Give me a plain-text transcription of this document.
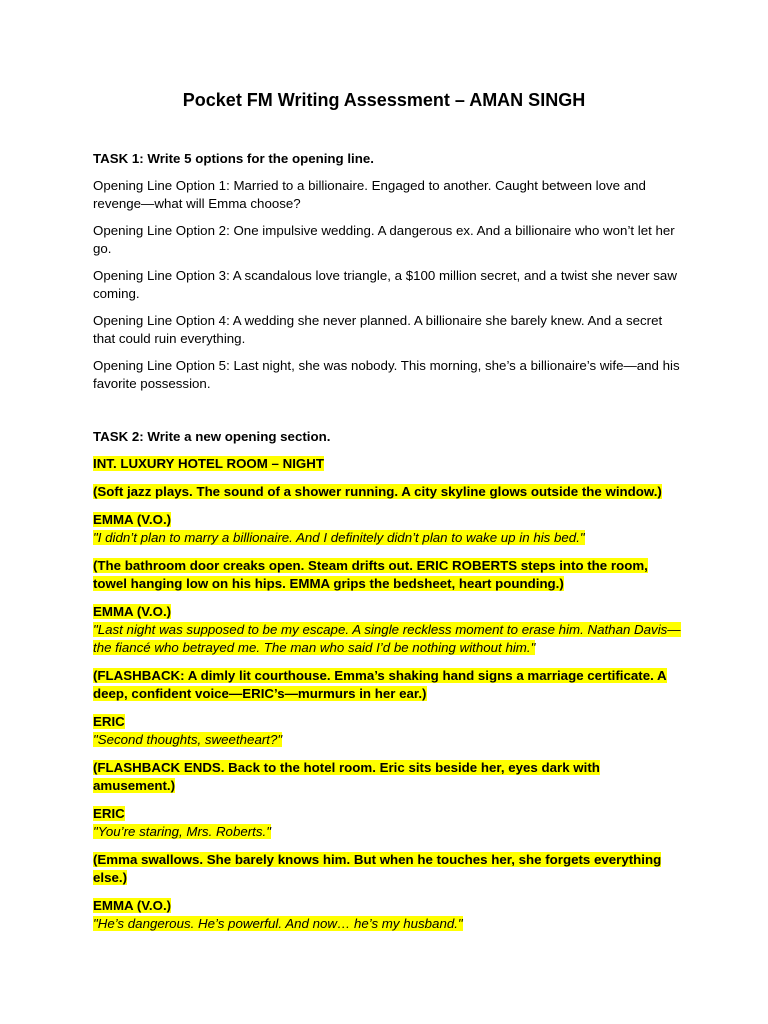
Pocket FM Writing Assessment – AMAN SINGH
TASK 1: Write 5 options for the opening line.
Opening Line Option 1: Married to a billionaire. Engaged to another. Caught between love and revenge—what will Emma choose?
Opening Line Option 2: One impulsive wedding. A dangerous ex. And a billionaire who won’t let her go.
Opening Line Option 3: A scandalous love triangle, a $100 million secret, and a twist she never saw coming.
Opening Line Option 4: A wedding she never planned. A billionaire she barely knew. And a secret that could ruin everything.
Opening Line Option 5: Last night, she was nobody. This morning, she’s a billionaire’s wife—and his favorite possession.
TASK 2: Write a new opening section.
INT. LUXURY HOTEL ROOM – NIGHT
(Soft jazz plays. The sound of a shower running. A city skyline glows outside the window.)
EMMA (V.O.)
"I didn’t plan to marry a billionaire. And I definitely didn’t plan to wake up in his bed."
(The bathroom door creaks open. Steam drifts out. ERIC ROBERTS steps into the room, towel hanging low on his hips. EMMA grips the bedsheet, heart pounding.)
EMMA (V.O.)
"Last night was supposed to be my escape. A single reckless moment to erase him. Nathan Davis—the fiancé who betrayed me. The man who said I’d be nothing without him."
(FLASHBACK: A dimly lit courthouse. Emma’s shaking hand signs a marriage certificate. A deep, confident voice—ERIC’s—murmurs in her ear.)
ERIC
"Second thoughts, sweetheart?"
(FLASHBACK ENDS. Back to the hotel room. Eric sits beside her, eyes dark with amusement.)
ERIC
"You’re staring, Mrs. Roberts."
(Emma swallows. She barely knows him. But when he touches her, she forgets everything else.)
EMMA (V.O.)
"He’s dangerous. He’s powerful. And now… he’s my husband."
